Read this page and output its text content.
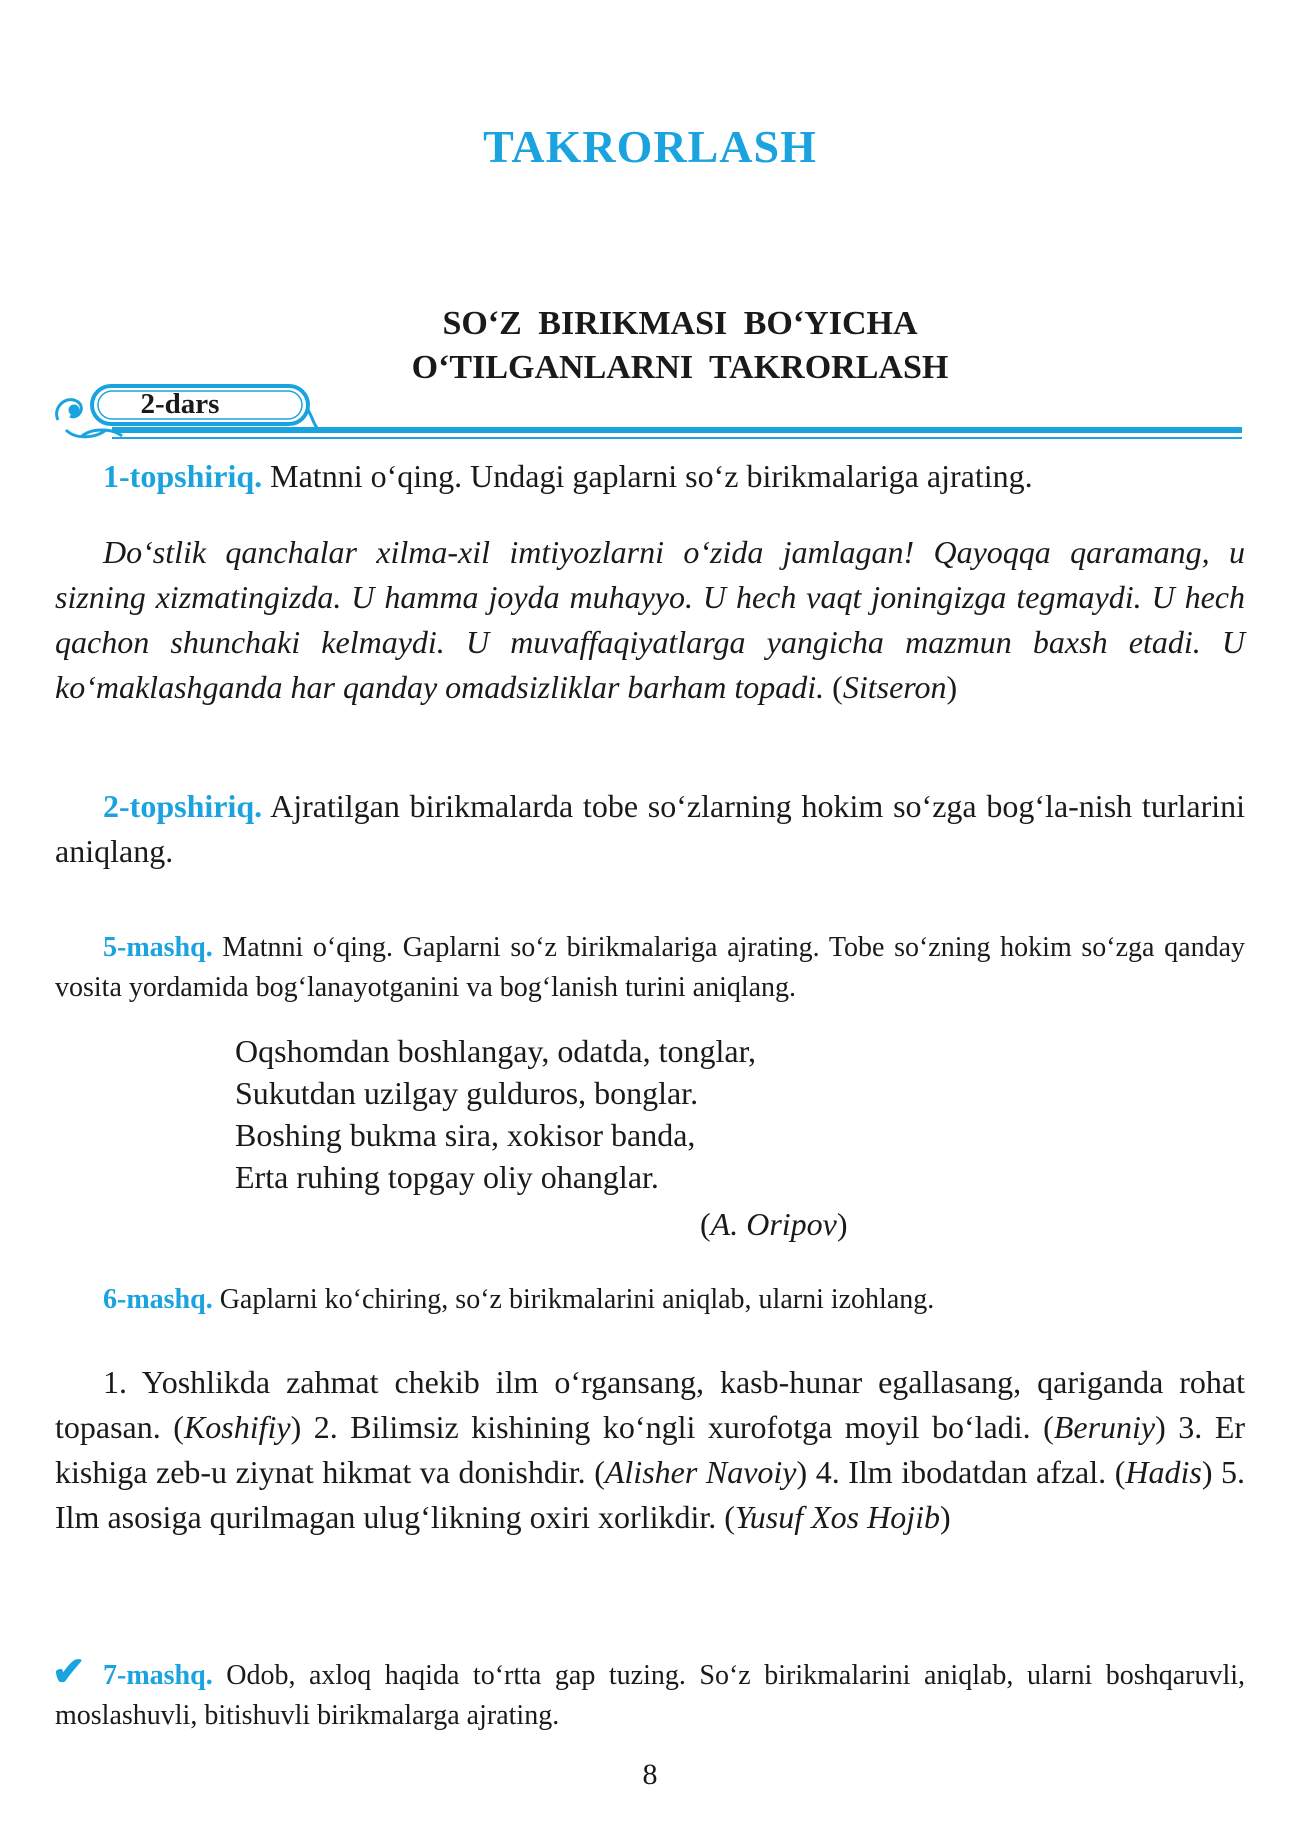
TAKRORLASH
SO‘Z BIRIKMASI BO‘YICHA
O‘TILGANLARNI TAKRORLASH
2-dars
1-topshiriq. Matnni o‘qing. Undagi gaplarni so‘z birikmalariga ajrating.
Do‘stlik qanchalar xilma-xil imtiyozlarni o‘zida jamlagan! Qayoqqa qaramang, u sizning xizmatingizda. U hamma joyda muhayyo. U hech vaqt joningizga tegmaydi. U hech qachon shunchaki kelmaydi. U muvaffaqiyatlarga yangicha mazmun baxsh etadi. U ko‘maklashganda har qanday omadsizliklar barham topadi. (Sitseron)
2-topshiriq. Ajratilgan birikmalarda tobe so‘zlarning hokim so‘zga bog‘la-nish turlarini aniqlang.
5-mashq. Matnni o‘qing. Gaplarni so‘z birikmalariga ajrating. Tobe so‘zning hokim so‘zga qanday vosita yordamida bog‘lanayotganini va bog‘lanish turini aniqlang.
Oqshomdan boshlangay, odatda, tonglar,
Sukutdan uzilgay gulduros, bonglar.
Boshing bukma sira, xokisor banda,
Erta ruhing topgay oliy ohanglar.
(A. Oripov)
6-mashq. Gaplarni ko‘chiring, so‘z birikmalarini aniqlab, ularni izohlang.
1. Yoshlikda zahmat chekib ilm o‘rgansang, kasb-hunar egallasang, qariganda rohat topasan. (Koshifiy) 2. Bilimsiz kishining ko‘ngli xurofotga moyil bo‘ladi. (Beruniy) 3. Er kishiga zeb-u ziynat hikmat va donishdir. (Alisher Navoiy) 4. Ilm ibodatdan afzal. (Hadis) 5. Ilm asosiga qurilmagan ulug‘likning oxiri xorlikdir. (Yusuf Xos Hojib)
✔ 7-mashq. Odob, axloq haqida to‘rtta gap tuzing. So‘z birikmalarini aniqlab, ularni boshqaruvli, moslashuvli, bitishuvli birikmalarga ajrating.
8
